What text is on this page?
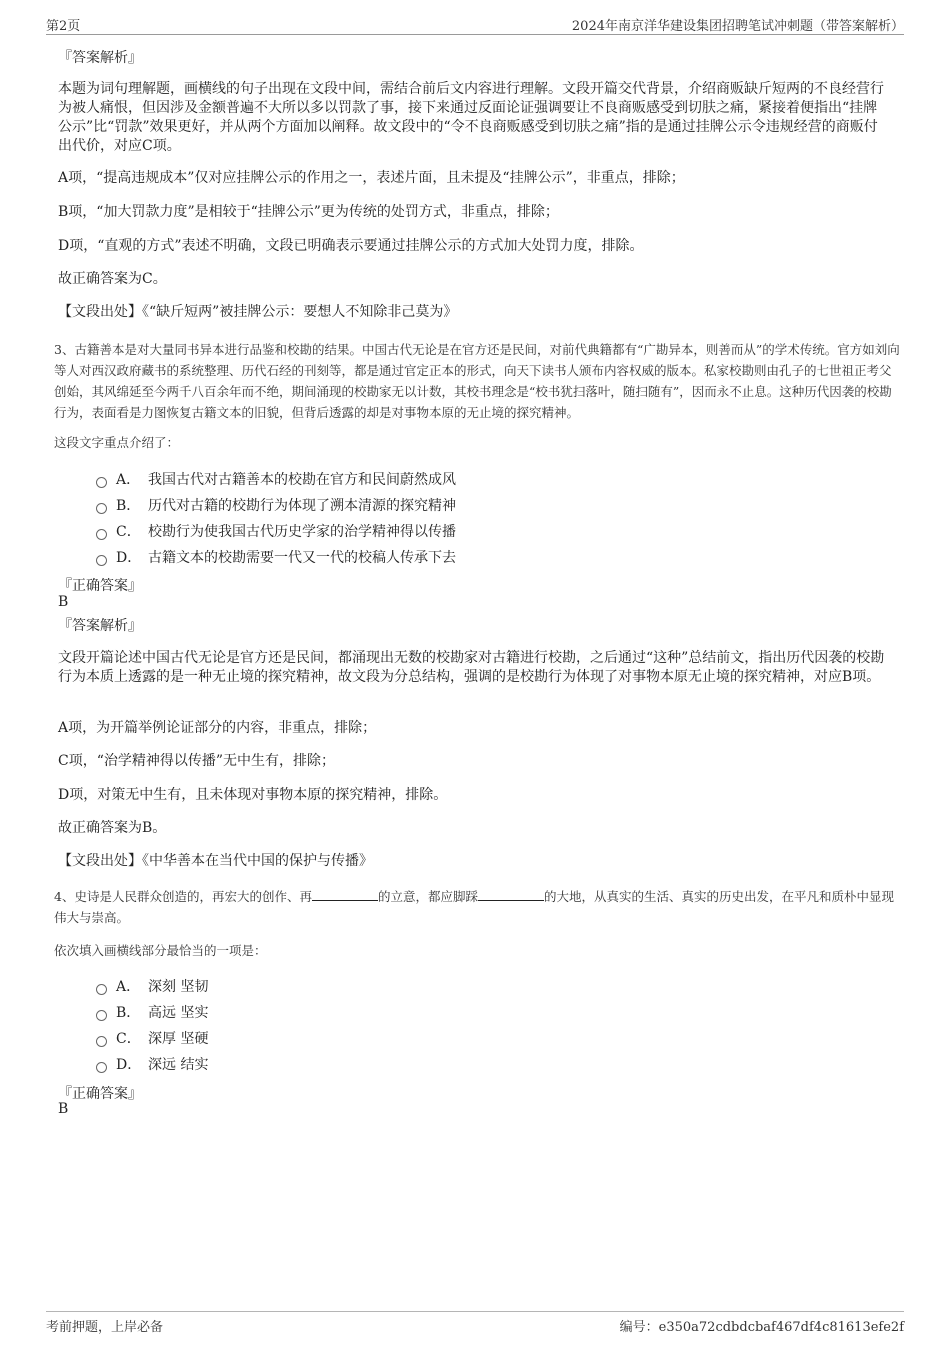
第2页	2024年南京洋华建设集团招聘笔试冲刺题（带答案解析）
『答案解析』
本题为词句理解题，画横线的句子出现在文段中间，需结合前后文内容进行理解。文段开篇交代背景，介绍商贩缺斤短两的不良经营行为被人痛恨，但因涉及金额普遍不大所以多以罚款了事，接下来通过反面论证强调要让不良商贩感受到切肤之痛，紧接着便指出“挂牌公示”比“罚款”效果更好，并从两个方面加以阐释。故文段中的“令不良商贩感受到切肤之痛”指的是通过挂牌公示令违规经营的商贩付出代价，对应C项。
A项，“提高违规成本”仅对应挂牌公示的作用之一，表述片面，且未提及“挂牌公示”，非重点，排除；
B项，“加大罚款力度”是相较于“挂牌公示”更为传统的处罚方式，非重点，排除；
D项，“直观的方式”表述不明确，文段已明确表示要通过挂牌公示的方式加大处罚力度，排除。
故正确答案为C。
【文段出处】《“缺斤短两”被挂牌公示：要想人不知除非己莫为》
3、古籍善本是对大量同书异本进行品鉴和校勘的结果。中国古代无论是在官方还是民间，对前代典籍都有“广勘异本，则善而从”的学术传统。官方如刘向等人对西汉政府藏书的系统整理、历代石经的刊刻等，都是通过官定正本的形式，向天下读书人颁布内容权威的版本。私家校勘则由孔子的七世祖正考父创始，其风绵延至今两千八百余年而不绝，期间涌现的校勘家无以计数，其校书理念是“校书犹扫落叶，随扫随有”，因而永不止息。这种历代因袭的校勘行为，表面看是力图恢复古籍文本的旧貌，但背后透露的却是对事物本原的无止境的探究精神。
这段文字重点介绍了：
A． 我国古代对古籍善本的校勘在官方和民间蔚然成风
B． 历代对古籍的校勘行为体现了溯本清源的探究精神
C． 校勘行为使我国古代历史学家的治学精神得以传播
D． 古籍文本的校勘需要一代又一代的校稿人传承下去
『正确答案』
B
『答案解析』
文段开篇论述中国古代无论是官方还是民间，都涌现出无数的校勘家对古籍进行校勘，之后通过“这种”总结前文，指出历代因袭的校勘行为本质上透露的是一种无止境的探究精神，故文段为分总结构，强调的是校勘行为体现了对事物本原无止境的探究精神，对应B项。
A项，为开篇举例论证部分的内容，非重点，排除；
C项，“治学精神得以传播”无中生有，排除；
D项，对策无中生有，且未体现对事物本原的探究精神，排除。
故正确答案为B。
【文段出处】《中华善本在当代中国的保护与传播》
4、史诗是人民群众创造的，再宏大的创作、再	的立意，都应脚踩	的大地，从真实的生活、真实的历史出发，在平凡和质朴中显现伟大与崇高。
依次填入画横线部分最恰当的一项是：
A． 深刻 坚韧
B． 高远 坚实
C． 深厚 坚硬
D． 深远 结实
『正确答案』
B
考前押题，上岸必备	编号：e350a72cdbdcbaf467df4c81613efe2f
